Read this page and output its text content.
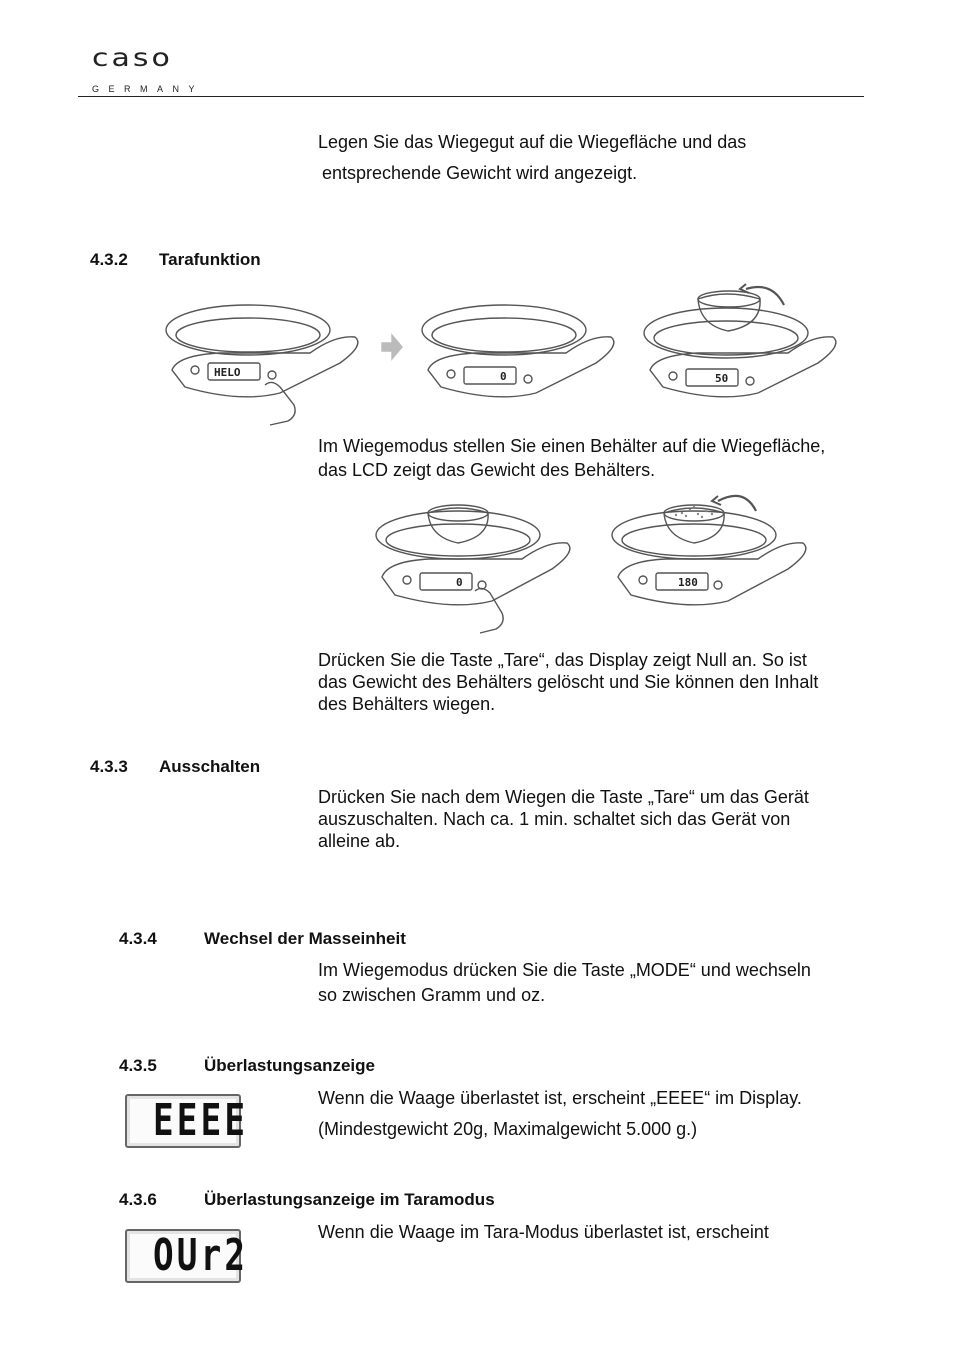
caso
GERMANY
Legen Sie das Wiegegut auf die Wiegefläche und das
entsprechende Gewicht wird angezeigt.
4.3.2 Tarafunktion
HELO	0	50
Im Wiegemodus stellen Sie einen Behälter auf die Wiegefläche,
das LCD zeigt das Gewicht des Behälters.
0	180
Drücken Sie die Taste „Tare“, das Display zeigt Null an. So ist
das Gewicht des Behälters gelöscht und Sie können den Inhalt
des Behälters wiegen.
4.3.3 Ausschalten
Drücken Sie nach dem Wiegen die Taste „Tare“ um das Gerät
auszuschalten. Nach ca. 1 min. schaltet sich das Gerät von
alleine ab.
4.3.4	Wechsel der Masseinheit
Im Wiegemodus drücken Sie die Taste „MODE“ und wechseln
so zwischen Gramm und oz.
4.3.5	Überlastungsanzeige
EEEE	Wenn die Waage überlastet ist, erscheint „EEEE“ im Display.
(Mindestgewicht 20g, Maximalgewicht 5.000 g.)
4.3.6	Überlastungsanzeige im Taramodus
OUr2	Wenn die Waage im Tara-Modus überlastet ist, erscheint
